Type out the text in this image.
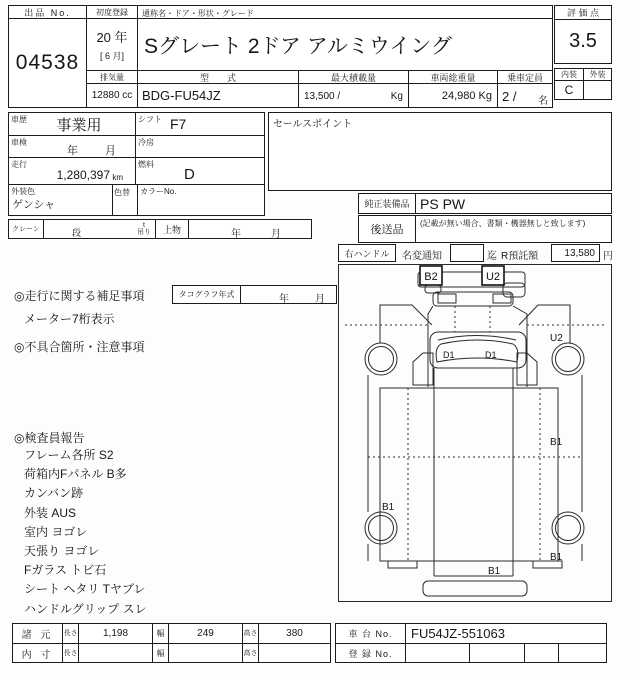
出品 No.
04538
初度登録
20 年
[ 6 月]
通称名・ドア・形状・グレード
Sグレート 2ドア アルミウイング
排気量
12880 cc
型　　式
BDG-FU54JZ
最大積載量
13,500 /	Kg
車両総重量
24,980 Kg
乗車定員
2 / 名
評 価 点
3.5
内装	外装
C
車歴	事業用	シフト F7
車検
年 月
冷房
走行
1,280,397 km
燃料
D
外装色
ゲンシャ
色替	カラーNo.
クレーン	段
t
吊り	上物	年	月
セールスポイント
純正装備品 PS PW
後送品
(記載が無い場合、書類・機器無しと致します)
右ハンドル	名変通知	迄 R預託額	13,580 円
◎走行に関する補足事項	タコグラフ年式	年	月
メーター7桁表示
◎不具合箇所・注意事項
◎検査員報告
フレーム各所 S2
荷箱内Fパネル B多
カンバン跡
外装 AUS
室内 ヨゴレ
天張り ヨゴレ
Fガラス トビ石
シート ヘタリ Tヤブレ
ハンドルグリップ スレ
B2	U2
D1	D1
U2
B1
B1
B1
B1
諸 元	長さ	1,198	幅	249	高さ	380
内 寸	長さ	幅	高さ
車 台 No.	FU54JZ-551063
登 録 No.
